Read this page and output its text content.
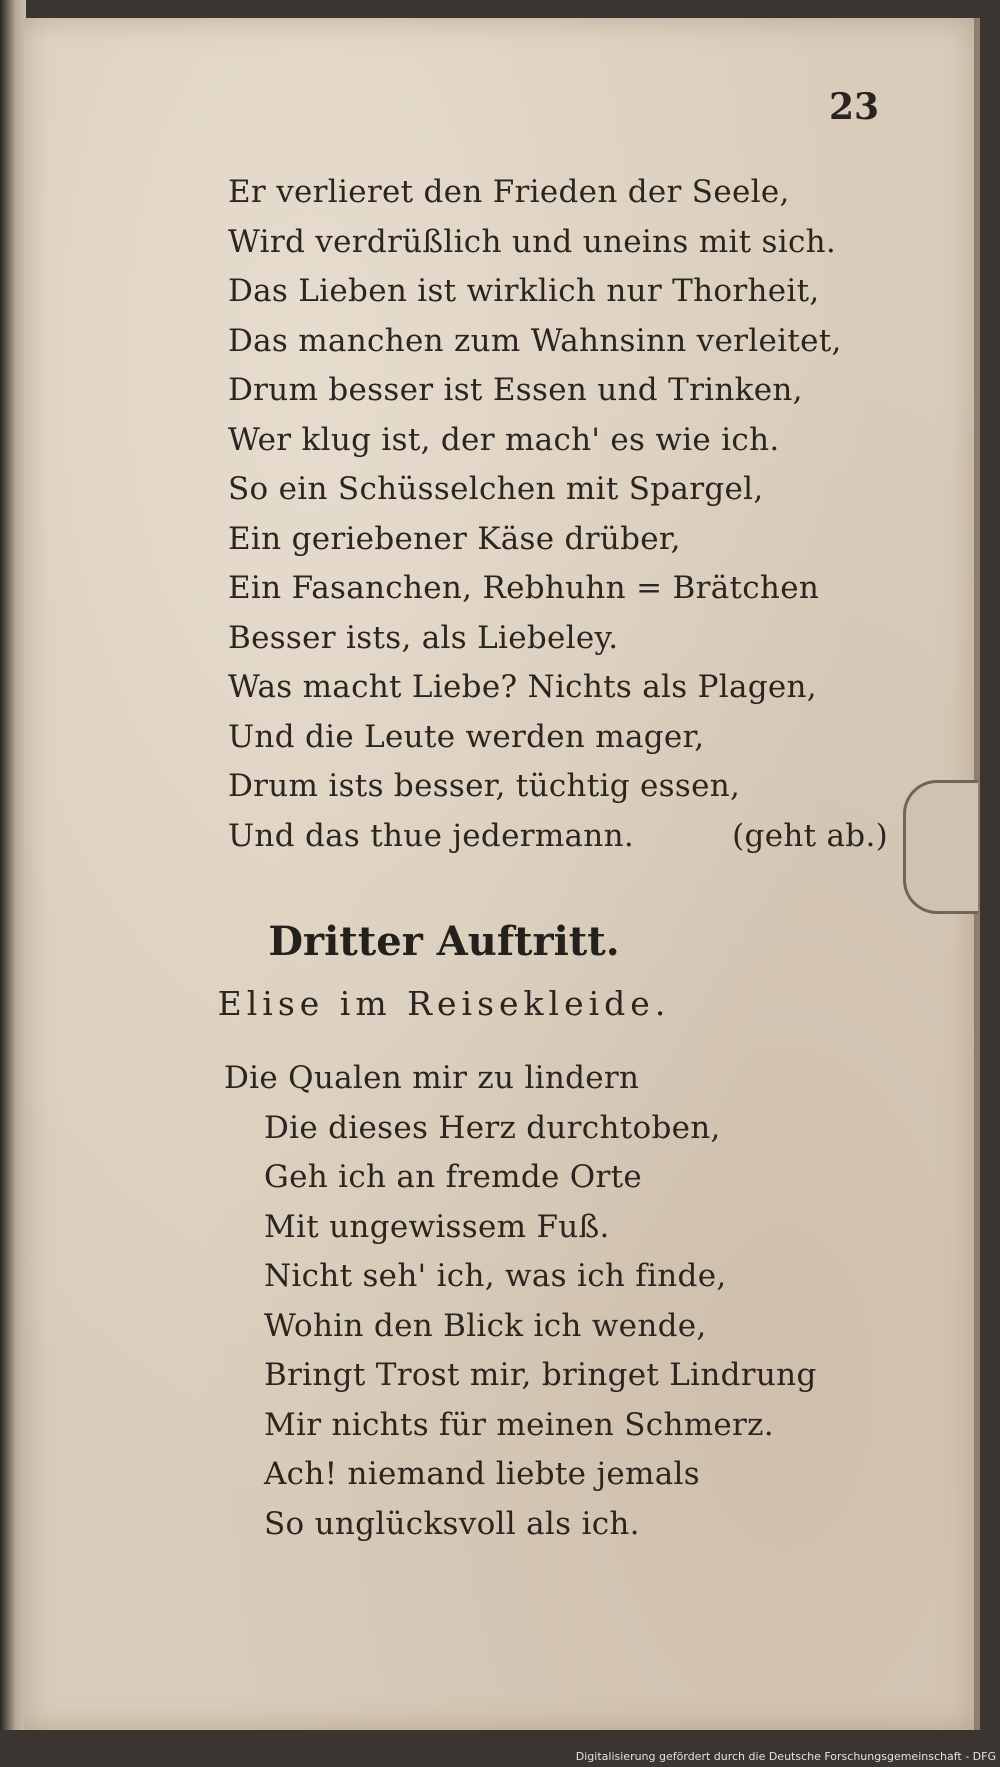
23
Er verlieret den Frieden der Seele,
Wird verdrüßlich und uneins mit sich.
Das Lieben ist wirklich nur Thorheit,
Das manchen zum Wahnsinn verleitet,
Drum besser ist Essen und Trinken,
Wer klug ist, der mach' es wie ich.
So ein Schüsselchen mit Spargel,
Ein geriebener Käse drüber,
Ein Fasanchen, Rebhuhn = Brätchen
Besser ists, als Liebeley.
Was macht Liebe? Nichts als Plagen,
Und die Leute werden mager,
Drum ists besser, tüchtig essen,
Und das thue jedermann.	(geht ab.)
Dritter Auftritt.
Elise im Reisekleide.
Die Qualen mir zu lindern
Die dieses Herz durchtoben,
Geh ich an fremde Orte
Mit ungewissem Fuß.
Nicht seh' ich, was ich finde,
Wohin den Blick ich wende,
Bringt Trost mir, bringet Lindrung
Mir nichts für meinen Schmerz.
Ach! niemand liebte jemals
So unglücksvoll als ich.
Digitalisierung gefördert durch die Deutsche Forschungsgemeinschaft - DFG
